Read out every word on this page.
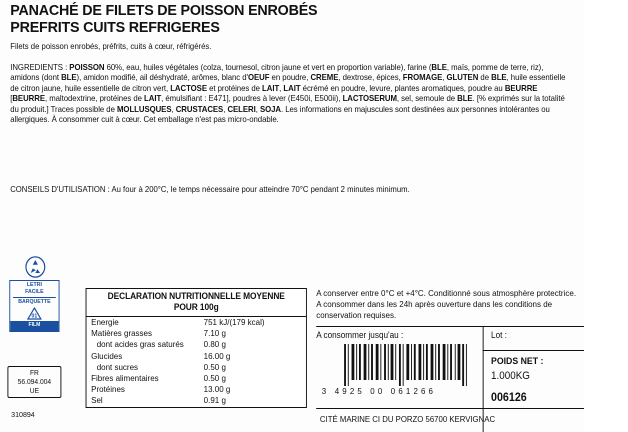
PANACHÉ DE FILETS DE POISSON ENROBÉS
PREFRITS CUITS REFRIGERES
Filets de poisson enrobés, préfrits, cuits à cœur, réfrigérés.
INGREDIENTS : POISSON 60%, eau, huiles végétales (colza, tournesol, citron jaune et vert en proportion variable), farine (BLE, maïs, pomme de terre, riz), amidons (dont BLE), amidon modifié, ail déshydraté, arômes, blanc d'OEUF en poudre, CREME, dextrose, épices, FROMAGE, GLUTEN de BLE, huile essentielle de citron jaune, huile essentielle de citron vert, LACTOSE et protéines de LAIT, LAIT écrémé en poudre, levure, plantes aromatiques, poudre au BEURRE [BEURRE, maltodextrine, protéines de LAIT, émulsifiant : E471], poudres à lever (E450i, E500ii), LACTOSERUM, sel, semoule de BLE. [% exprimés sur la totalité du produit.] Traces possible de MOLLUSQUES, CRUSTACES, CELERI, SOJA. Les informations en majuscules sont destinées aux personnes intolérantes ou allergiques. À consommer cuit à cœur. Cet emballage n'est pas micro-ondable.
CONSEILS D'UTILISATION : Au four à 200°C, le temps nécessaire pour atteindre 70°C pendant 2 minutes minimum.
LETRI
FACILE
BARQUETTE
01
FILM
FR
56.094.004
UE
310894
DECLARATION NUTRITIONNELLE MOYENNE
POUR 100g
Energie	751 kJ/(179 kcal)
Matières grasses	7.10 g
dont acides gras saturés	0.80 g
Glucides	16.00 g
dont sucres	0.50 g
Fibres alimentaires	0.50 g
Protéines	13.00 g
Sel	0.91 g
A conserver entre 0°C et +4°C. Conditionné sous atmosphère protectrice. A consommer dans les 24h après ouverture dans les conditions de conservation requises.
A consommer jusqu'au :	Lot :
3 4925 00 061266
POIDS NET :
1.000KG
006126
CITÉ MARINE CI DU PORZO 56700 KERVIGNAC
